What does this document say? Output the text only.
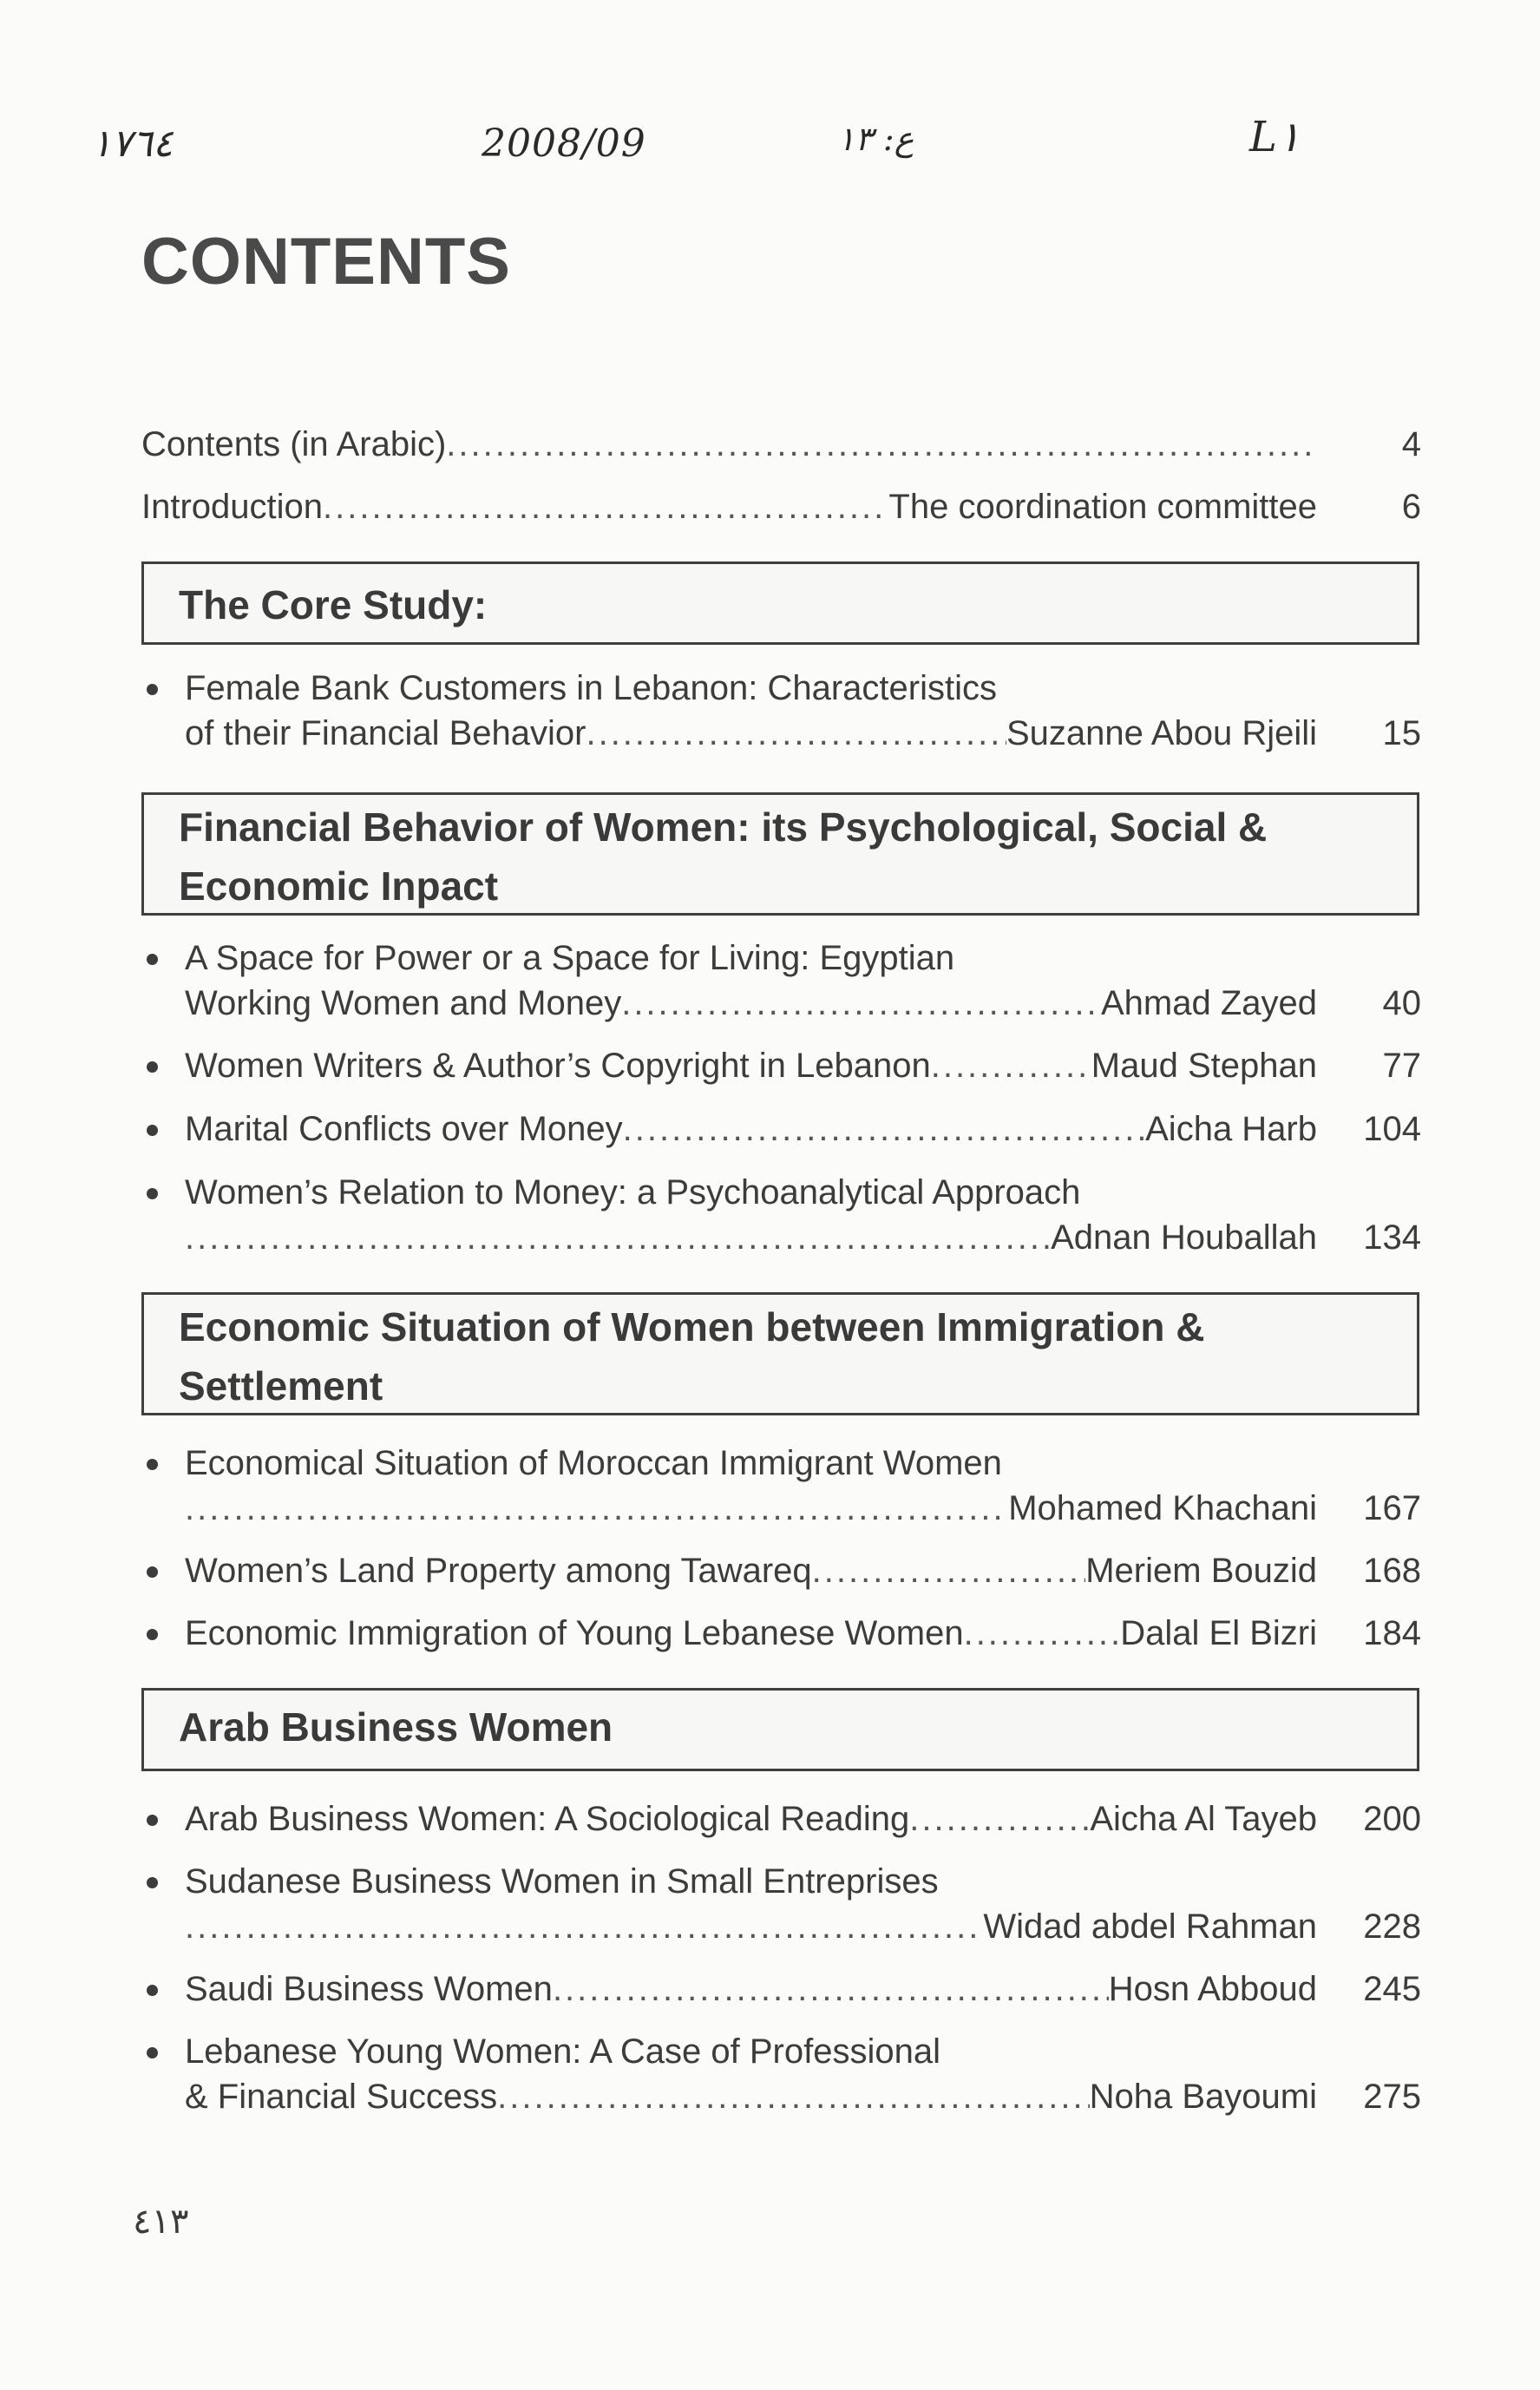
١٧٦٤	2008/09	ع: ١٣	L١
CONTENTS
Contents (in Arabic) .....	4
Introduction .....	The coordination committee 6
The Core Study:
Female Bank Customers in Lebanon: Characteristics
of their Financial Behavior .....	Suzanne Abou Rjeili 15
Financial Behavior of Women: its Psychological, Social &
Economic Inpact
A Space for Power or a Space for Living: Egyptian
Working Women and Money .....	Ahmad Zayed 40
Women Writers & Author’s Copyright in Lebanon .....	Maud Stephan 77
Marital Conflicts over Money .....	Aicha Harb 104
Women’s Relation to Money: a Psychoanalytical Approach
.....
Adnan Houballah 134
Economic Situation of Women between Immigration &
Settlement
Economical Situation of Moroccan Immigrant Women
.....
Mohamed Khachani 167
Women’s Land Property among Tawareq .....	Meriem Bouzid 168
Economic Immigration of Young Lebanese Women .....	Dalal El Bizri 184
Arab Business Women
Arab Business Women: A Sociological Reading .....	Aicha Al Tayeb 200
Sudanese Business Women in Small Entreprises
.....
Widad abdel Rahman 228
Saudi Business Women .....	Hosn Abboud 245
Lebanese Young Women: A Case of Professional
& Financial Success .....	Noha Bayoumi 275
٤١٣
